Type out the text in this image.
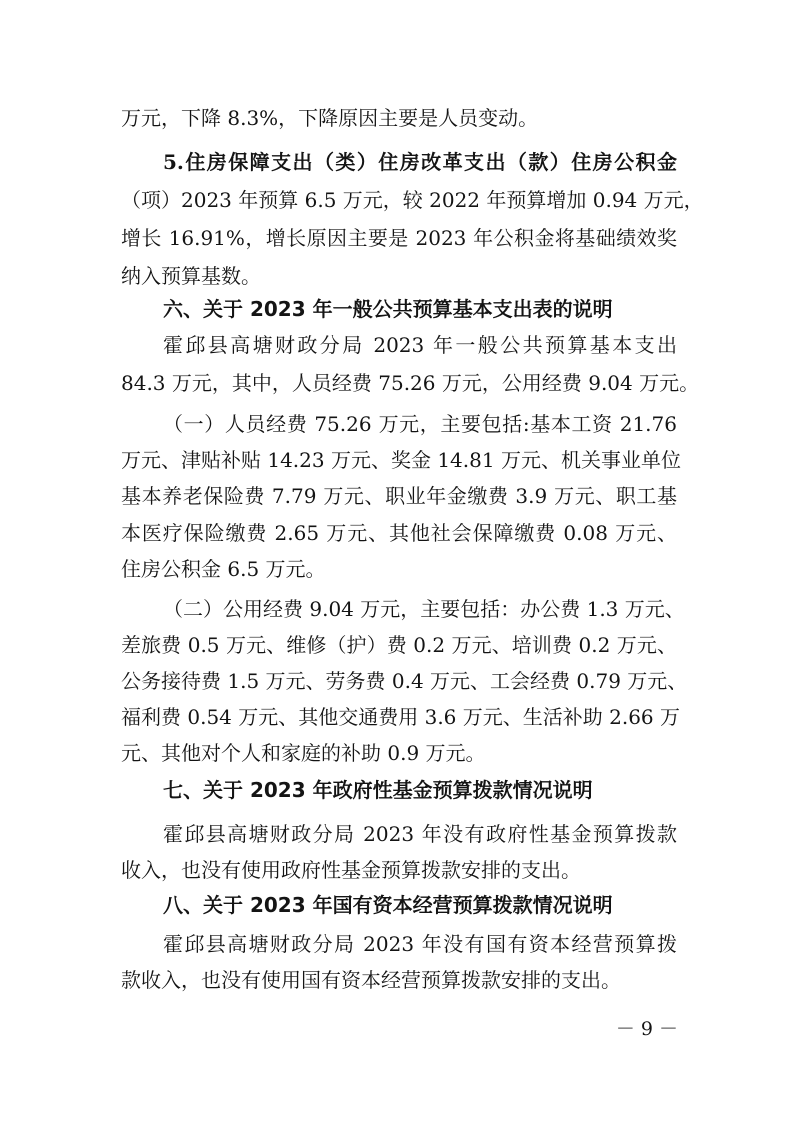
万元，下降 8.3%，下降原因主要是人员变动。
5.住房保障支出（类）住房改革支出（款）住房公积金
（项）2023 年预算 6.5 万元，较 2022 年预算增加 0.94 万元，
增长 16.91%，增长原因主要是 2023 年公积金将基础绩效奖
纳入预算基数。
六、关于 2023 年一般公共预算基本支出表的说明
霍邱县高塘财政分局 2023 年一般公共预算基本支出
84.3 万元，其中，人员经费 75.26 万元，公用经费 9.04 万元。
（一）人员经费 75.26 万元，主要包括:基本工资 21.76
万元、津贴补贴 14.23 万元、奖金 14.81 万元、机关事业单位
基本养老保险费 7.79 万元、职业年金缴费 3.9 万元、职工基
本医疗保险缴费 2.65 万元、其他社会保障缴费 0.08 万元、
住房公积金 6.5 万元。
（二）公用经费 9.04 万元，主要包括：办公费 1.3 万元、
差旅费 0.5 万元、维修（护）费 0.2 万元、培训费 0.2 万元、
公务接待费 1.5 万元、劳务费 0.4 万元、工会经费 0.79 万元、
福利费 0.54 万元、其他交通费用 3.6 万元、生活补助 2.66 万
元、其他对个人和家庭的补助 0.9 万元。
七、关于 2023 年政府性基金预算拨款情况说明
霍邱县高塘财政分局 2023 年没有政府性基金预算拨款
收入，也没有使用政府性基金预算拨款安排的支出。
八、关于 2023 年国有资本经营预算拨款情况说明
霍邱县高塘财政分局 2023 年没有国有资本经营预算拨
款收入，也没有使用国有资本经营预算拨款安排的支出。
－ 9 －
